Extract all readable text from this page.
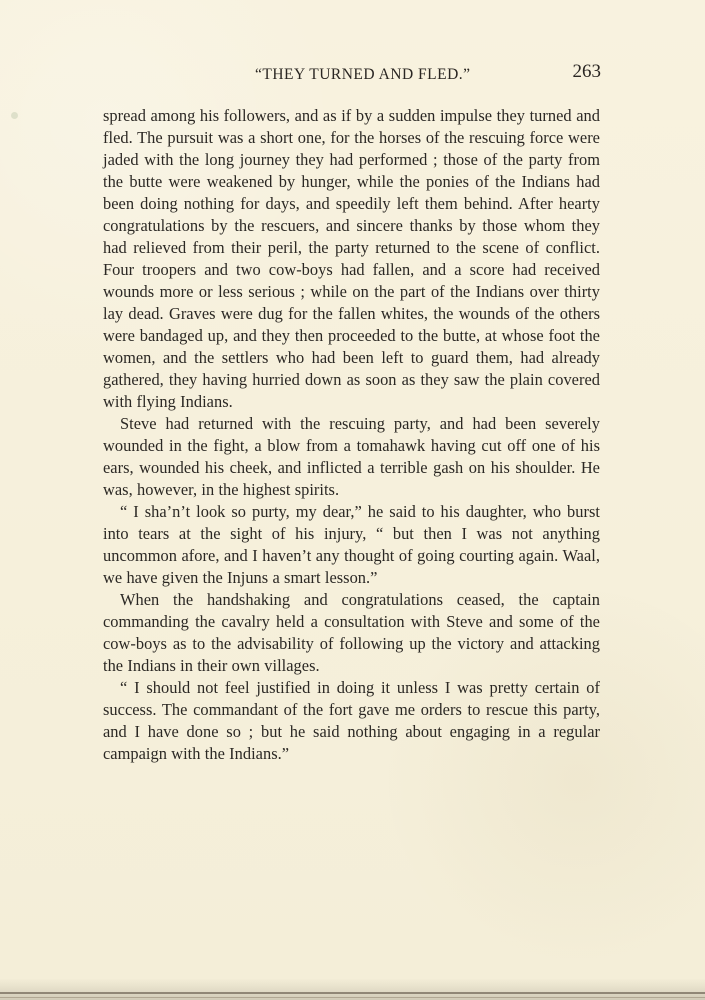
“THEY TURNED AND FLED.”	263

spread among his followers, and as if by a sudden impulse they turned and fled. The pursuit was a short one, for the horses of the rescuing force were jaded with the long journey they had performed ; those of the party from the butte were weakened by hunger, while the ponies of the Indians had been doing nothing for days, and speedily left them behind. After hearty congratulations by the rescuers, and sincere thanks by those whom they had relieved from their peril, the party returned to the scene of conflict. Four troopers and two cow-boys had fallen, and a score had received wounds more or less serious ; while on the part of the Indians over thirty lay dead. Graves were dug for the fallen whites, the wounds of the others were bandaged up, and they then proceeded to the butte, at whose foot the women, and the settlers who had been left to guard them, had already gathered, they having hurried down as soon as they saw the plain covered with flying Indians.

Steve had returned with the rescuing party, and had been severely wounded in the fight, a blow from a tomahawk having cut off one of his ears, wounded his cheek, and inflicted a terrible gash on his shoulder. He was, however, in the highest spirits.

“ I sha’n’t look so purty, my dear,” he said to his daughter, who burst into tears at the sight of his injury, “ but then I was not anything uncommon afore, and I haven’t any thought of going courting again. Waal, we have given the Injuns a smart lesson.”

When the handshaking and congratulations ceased, the captain commanding the cavalry held a consultation with Steve and some of the cow-boys as to the advisability of following up the victory and attacking the Indians in their own villages.

“ I should not feel justified in doing it unless I was pretty certain of success. The commandant of the fort gave me orders to rescue this party, and I have done so ; but he said nothing about engaging in a regular campaign with the Indians.”
